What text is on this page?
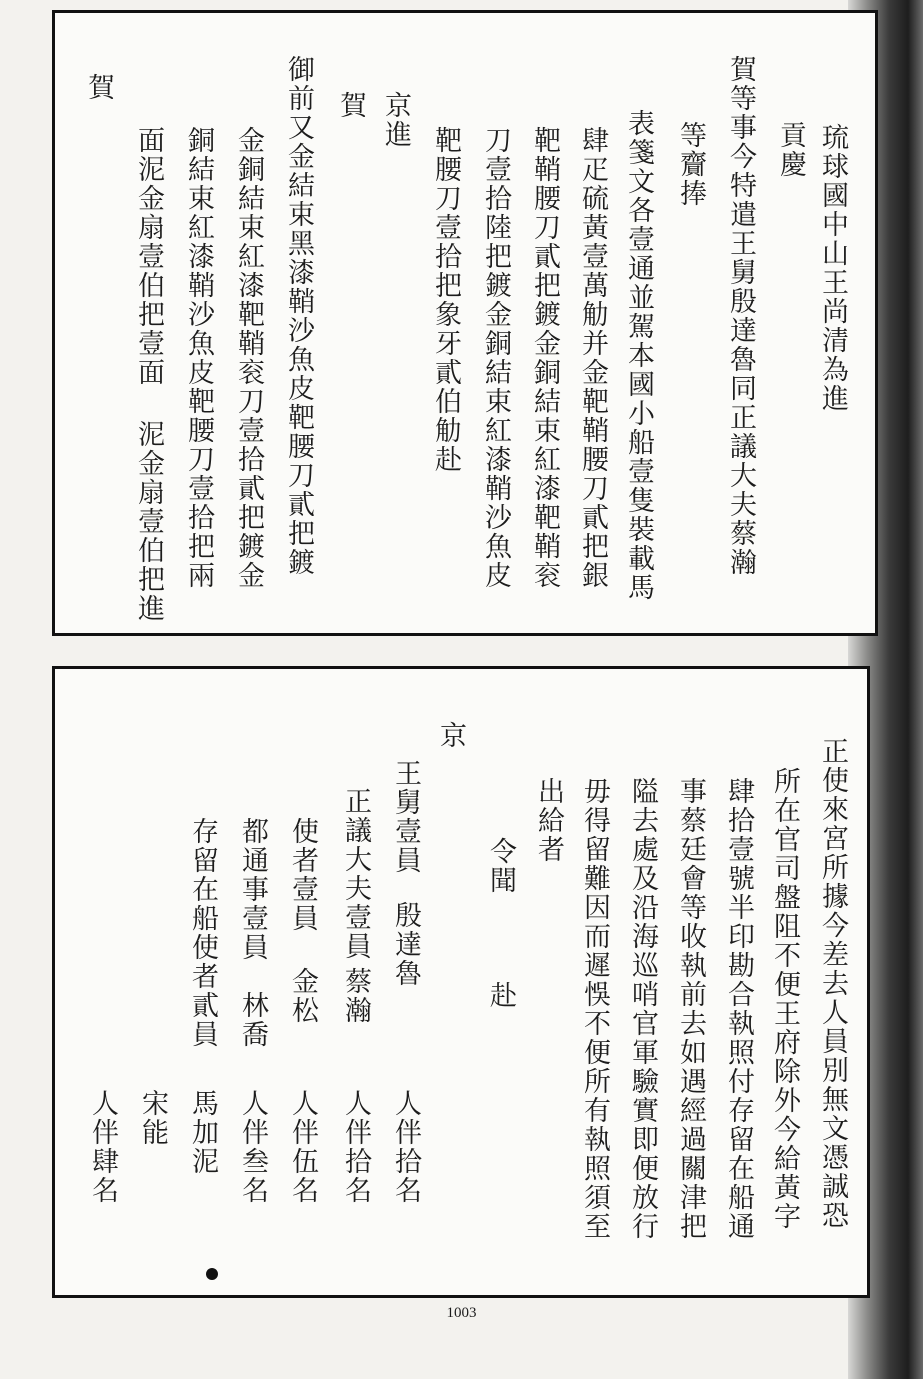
琉球國中山王尚清為進
貢慶
賀等事今特遣王舅殷達魯同正議大夫蔡瀚
等齎捧
表箋文各壹通並駕本國小船壹隻裝載馬
肆疋硫黃壹萬觔并金靶鞘腰刀貳把銀
靶鞘腰刀貳把鍍金銅結束紅漆靶鞘衮
刀壹拾陸把鍍金銅結束紅漆鞘沙魚皮
靶腰刀壹拾把象牙貳伯觔赴
京進
賀
御前又金結束黑漆鞘沙魚皮靶腰刀貳把鍍
金銅結束紅漆靶鞘衮刀壹拾貳把鍍金
銅結束紅漆鞘沙魚皮靶腰刀壹拾把兩
面泥金扇壹伯把壹面 泥金扇壹伯把進
賀
正使來宮所據今差去人員別無文憑誠恐
所在官司盤阻不便王府除外今給黃字
肆拾壹號半印勘合執照付存留在船通
事蔡廷會等收執前去如遇經過關津把
隘去處及沿海巡哨官軍驗實即便放行
毋得留難因而遲悞不便所有執照須至
出給者
令聞
赴
京
王舅壹員
殷達魯
人伴拾名
正議大夫壹員
蔡瀚
人伴拾名
使者壹員
金松
人伴伍名
都通事壹員
林喬
人伴叁名
存留在船使者貳員
馬加泥
宋能
人伴肆名
1003
